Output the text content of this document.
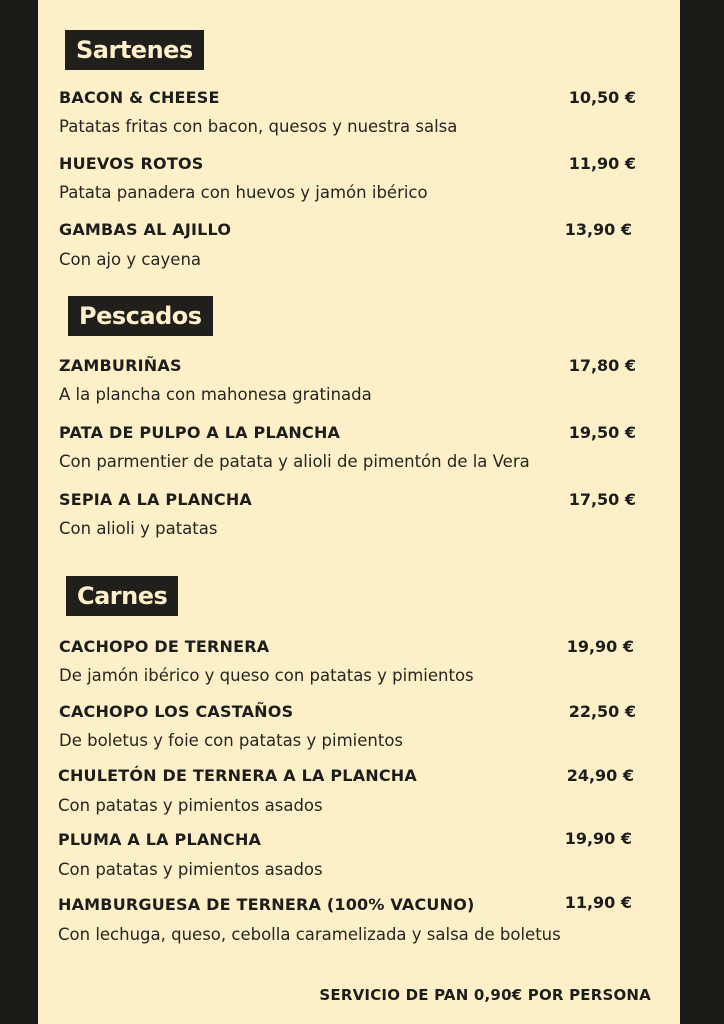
Sartenes
BACON & CHEESE	10,50 €
Patatas fritas con bacon, quesos y nuestra salsa
HUEVOS ROTOS	11,90 €
Patata panadera con huevos y jamón ibérico
GAMBAS AL AJILLO	13,90 €
Con ajo y cayena
Pescados
ZAMBURIÑAS	17,80 €
A la plancha con mahonesa gratinada
PATA DE PULPO A LA PLANCHA	19,50 €
Con parmentier de patata y alioli de pimentón de la Vera
SEPIA A LA PLANCHA	17,50 €
Con alioli y patatas
Carnes
CACHOPO DE TERNERA	19,90 €
De jamón ibérico y queso con patatas y pimientos
CACHOPO LOS CASTAÑOS	22,50 €
De boletus y foie con patatas y pimientos
CHULETÓN DE TERNERA A LA PLANCHA	24,90 €
Con patatas y pimientos asados
PLUMA A LA PLANCHA	19,90 €
Con patatas y pimientos asados
HAMBURGUESA DE TERNERA (100% VACUNO)	11,90 €
Con lechuga, queso, cebolla caramelizada y salsa de boletus
SERVICIO DE PAN 0,90€ POR PERSONA
